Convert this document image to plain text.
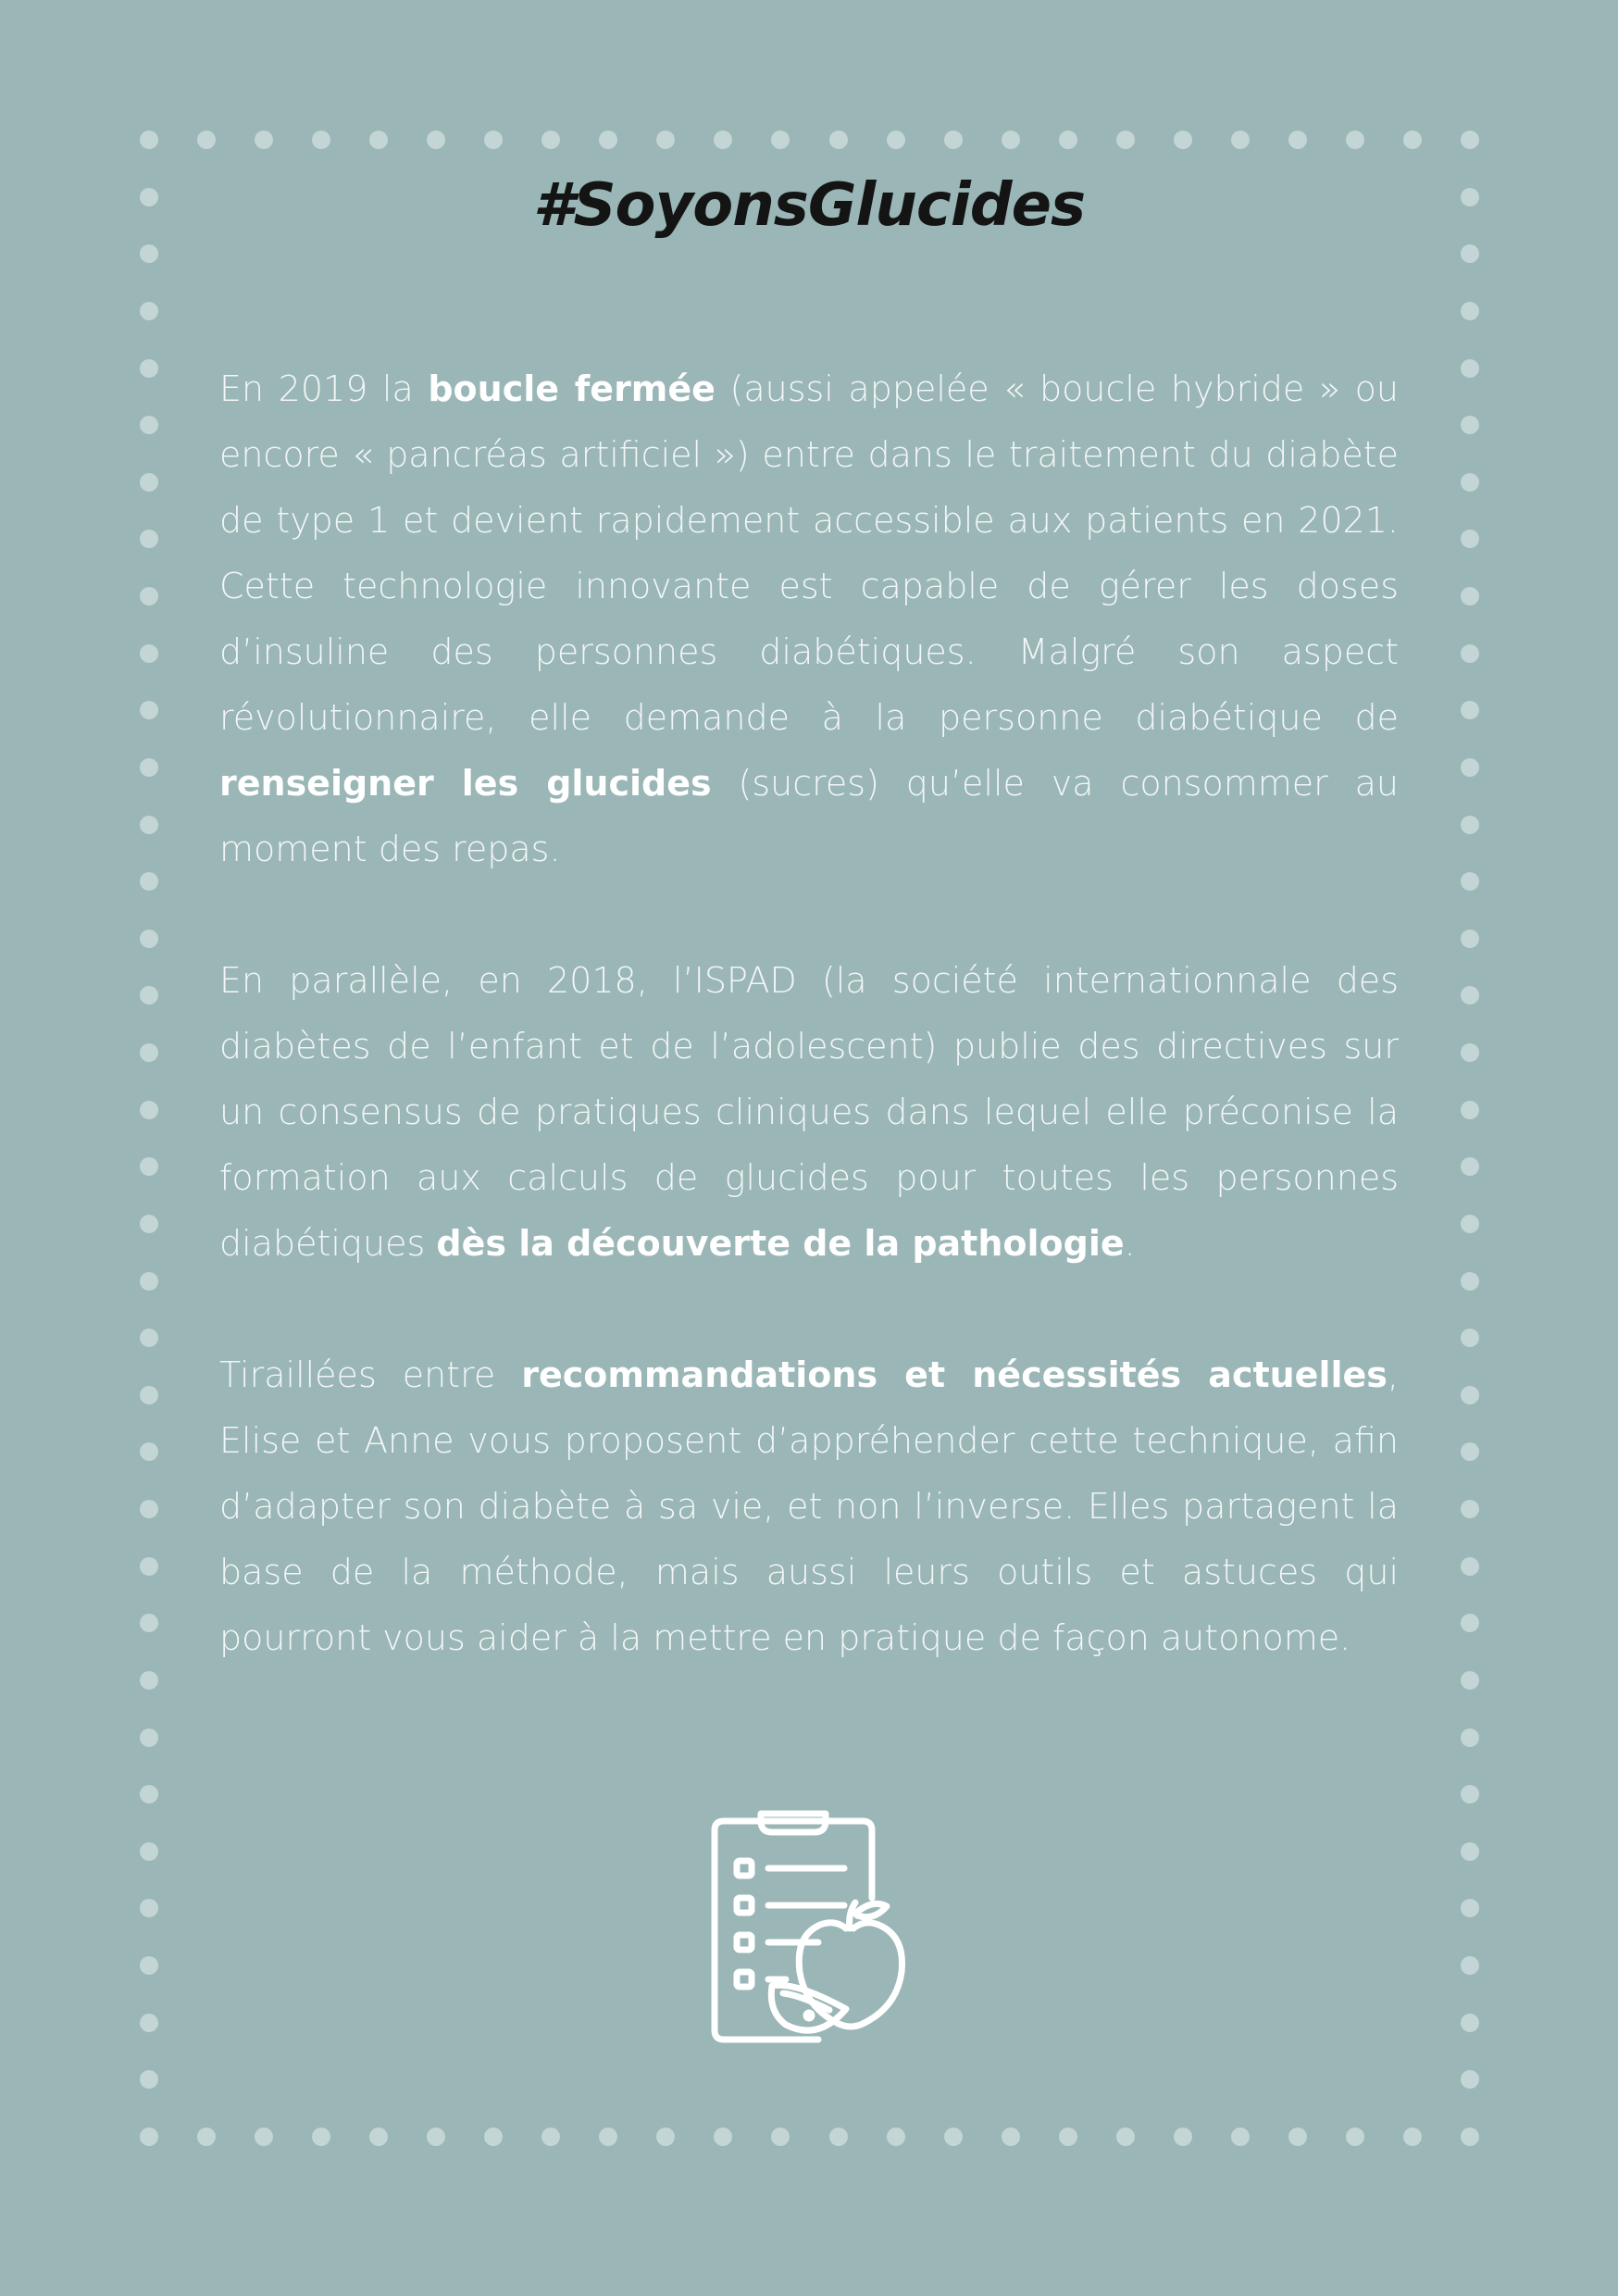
#SoyonsGlucides

En 2019 la boucle fermée (aussi appelée « boucle hybride » ou encore « pancréas artificiel ») entre dans le traitement du diabète de type 1 et devient rapidement accessible aux patients en 2021. Cette technologie innovante est capable de gérer les doses d’insuline des personnes diabétiques. Malgré son aspect révolutionnaire, elle demande à la personne diabétique de renseigner les glucides (sucres) qu’elle va consommer au moment des repas.

En parallèle, en 2018, l’ISPAD (la société internationnale des diabètes de l’enfant et de l’adolescent) publie des directives sur un consensus de pratiques cliniques dans lequel elle préconise la formation aux calculs de glucides pour toutes les personnes diabétiques dès la découverte de la pathologie.

Tiraillées entre recommandations et nécessités actuelles, Elise et Anne vous proposent d’appréhender cette technique, afin d’adapter son diabète à sa vie, et non l’inverse. Elles partagent la base de la méthode, mais aussi leurs outils et astuces qui pourront vous aider à la mettre en pratique de façon autonome.
